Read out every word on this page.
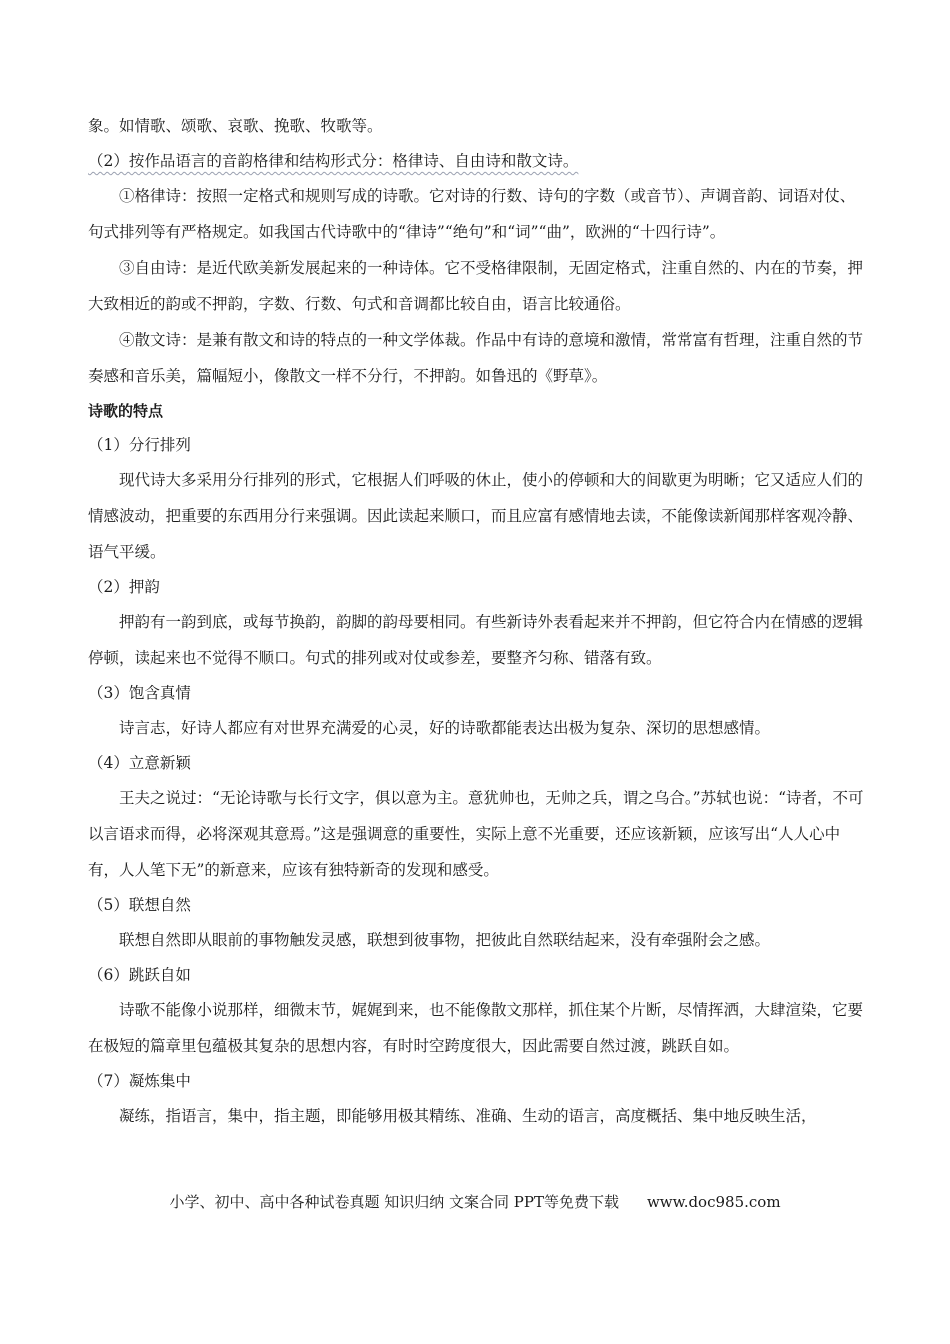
象。如情歌、颂歌、哀歌、挽歌、牧歌等。

（2）按作品语言的音韵格律和结构形式分：格律诗、自由诗和散文诗。

①格律诗：按照一定格式和规则写成的诗歌。它对诗的行数、诗句的字数（或音节）、声调音韵、词语对仗、句式排列等有严格规定。如我国古代诗歌中的“律诗”“绝句”和“词”“曲”，欧洲的“十四行诗”。

③自由诗：是近代欧美新发展起来的一种诗体。它不受格律限制，无固定格式，注重自然的、内在的节奏，押大致相近的韵或不押韵，字数、行数、句式和音调都比较自由，语言比较通俗。

④散文诗：是兼有散文和诗的特点的一种文学体裁。作品中有诗的意境和激情，常常富有哲理，注重自然的节奏感和音乐美，篇幅短小，像散文一样不分行，不押韵。如鲁迅的《野草》。

诗歌的特点

（1）分行排列

现代诗大多采用分行排列的形式，它根据人们呼吸的休止，使小的停顿和大的间歇更为明晰；它又适应人们的情感波动，把重要的东西用分行来强调。因此读起来顺口，而且应富有感情地去读，不能像读新闻那样客观冷静、语气平缓。

（2）押韵

押韵有一韵到底，或每节换韵，韵脚的韵母要相同。有些新诗外表看起来并不押韵，但它符合内在情感的逻辑停顿，读起来也不觉得不顺口。句式的排列或对仗或参差，要整齐匀称、错落有致。

（3）饱含真情

诗言志，好诗人都应有对世界充满爱的心灵，好的诗歌都能表达出极为复杂、深切的思想感情。

（4）立意新颖

王夫之说过：“无论诗歌与长行文字，俱以意为主。意犹帅也，无帅之兵，谓之乌合。”苏轼也说：“诗者，不可以言语求而得，必将深观其意焉。”这是强调意的重要性，实际上意不光重要，还应该新颖，应该写出“人人心中有，人人笔下无”的新意来，应该有独特新奇的发现和感受。

（5）联想自然

联想自然即从眼前的事物触发灵感，联想到彼事物，把彼此自然联结起来，没有牵强附会之感。

（6）跳跃自如

诗歌不能像小说那样，细微末节，娓娓到来，也不能像散文那样，抓住某个片断，尽情挥洒，大肆渲染，它要在极短的篇章里包蕴极其复杂的思想内容，有时时空跨度很大，因此需要自然过渡，跳跃自如。

（7）凝炼集中

凝练，指语言，集中，指主题，即能够用极其精练、准确、生动的语言，高度概括、集中地反映生活，

小学、初中、高中各种试卷真题 知识归纳 文案合同 PPT等免费下载 www.doc985.com
